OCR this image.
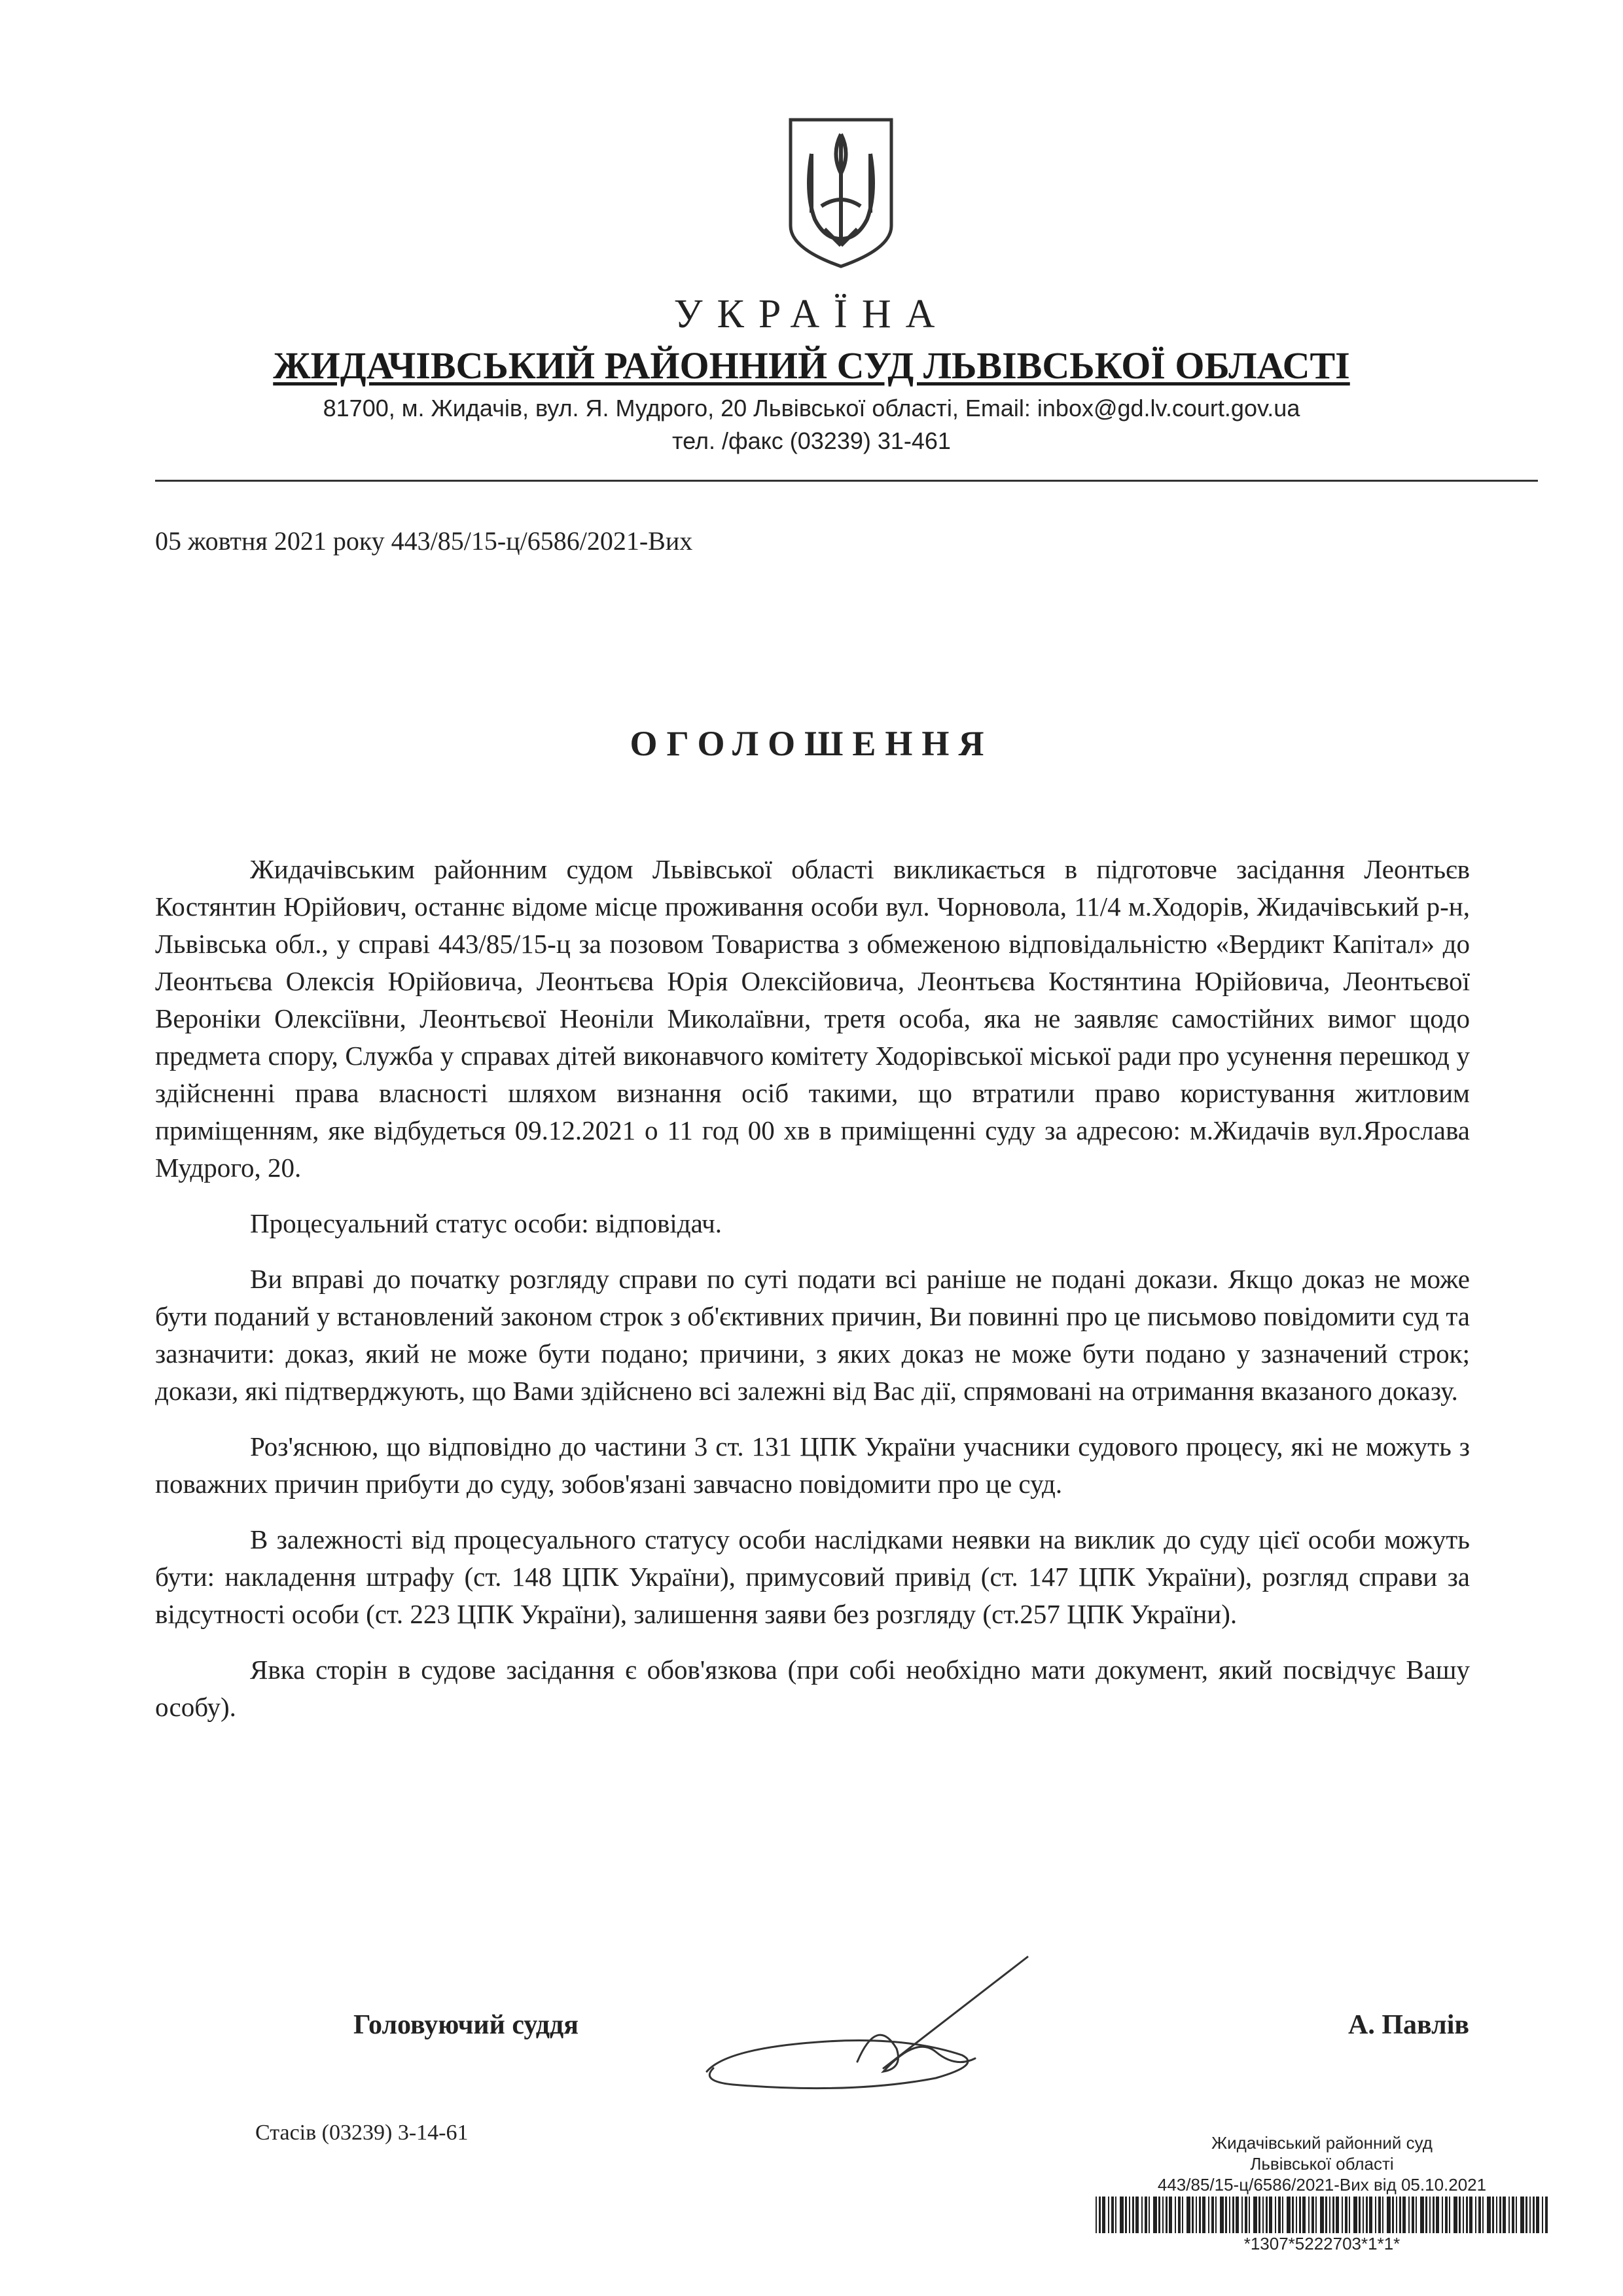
УКРАЇНА
ЖИДАЧІВСЬКИЙ РАЙОННИЙ СУД ЛЬВІВСЬКОЇ ОБЛАСТІ
81700, м. Жидачів, вул. Я. Мудрого, 20 Львівської області, Email: inbox@gd.lv.court.gov.ua
тел. /факс (03239) 31-461
05 жовтня 2021 року 443/85/15-ц/6586/2021-Вих
ОГОЛОШЕННЯ

Жидачівським районним судом Львівської області викликається в підготовче засідання Леонтьєв Костянтин Юрійович, останнє відоме місце проживання особи вул. Чорновола, 11/4 м.Ходорів, Жидачівський р-н, Львівська обл., у справі 443/85/15-ц за позовом Товариства з обмеженою відповідальністю «Вердикт Капітал» до Леонтьєва Олексія Юрійовича, Леонтьєва Юрія Олексійовича, Леонтьєва Костянтина Юрійовича, Леонтьєвої Вероніки Олексіївни, Леонтьєвої Неоніли Миколаївни, третя особа, яка не заявляє самостійних вимог щодо предмета спору, Служба у справах дітей виконавчого комітету Ходорівської міської ради про усунення перешкод у здійсненні права власності шляхом визнання осіб такими, що втратили право користування житловим приміщенням, яке відбудеться 09.12.2021 о 11 год 00 хв в приміщенні суду за адресою: м.Жидачів вул.Ярослава Мудрого, 20.

Процесуальний статус особи: відповідач.

Ви вправі до початку розгляду справи по суті подати всі раніше не подані докази. Якщо доказ не може бути поданий у встановлений законом строк з об'єктивних причин, Ви повинні про це письмово повідомити суд та зазначити: доказ, який не може бути подано; причини, з яких доказ не може бути подано у зазначений строк; докази, які підтверджують, що Вами здійснено всі залежні від Вас дії, спрямовані на отримання вказаного доказу.

Роз'яснюю, що відповідно до частини 3 ст. 131 ЦПК України учасники судового процесу, які не можуть з поважних причин прибути до суду, зобов'язані завчасно повідомити про це суд.

В залежності від процесуального статусу особи наслідками неявки на виклик до суду цієї особи можуть бути: накладення штрафу (ст. 148 ЦПК України), примусовий привід (ст. 147 ЦПК України), розгляд справи за відсутності особи (ст. 223 ЦПК України), залишення заяви без розгляду (ст.257 ЦПК України).

Явка сторін в судове засідання є обов'язкова (при собі необхідно мати документ, який посвідчує Вашу особу).

Головуючий суддя	А. Павлів
Стасів (03239) 3-14-61	Жидачівський районний суд
Львівської області
443/85/15-ц/6586/2021-Вих від 05.10.2021
*1307*5222703*1*1*
